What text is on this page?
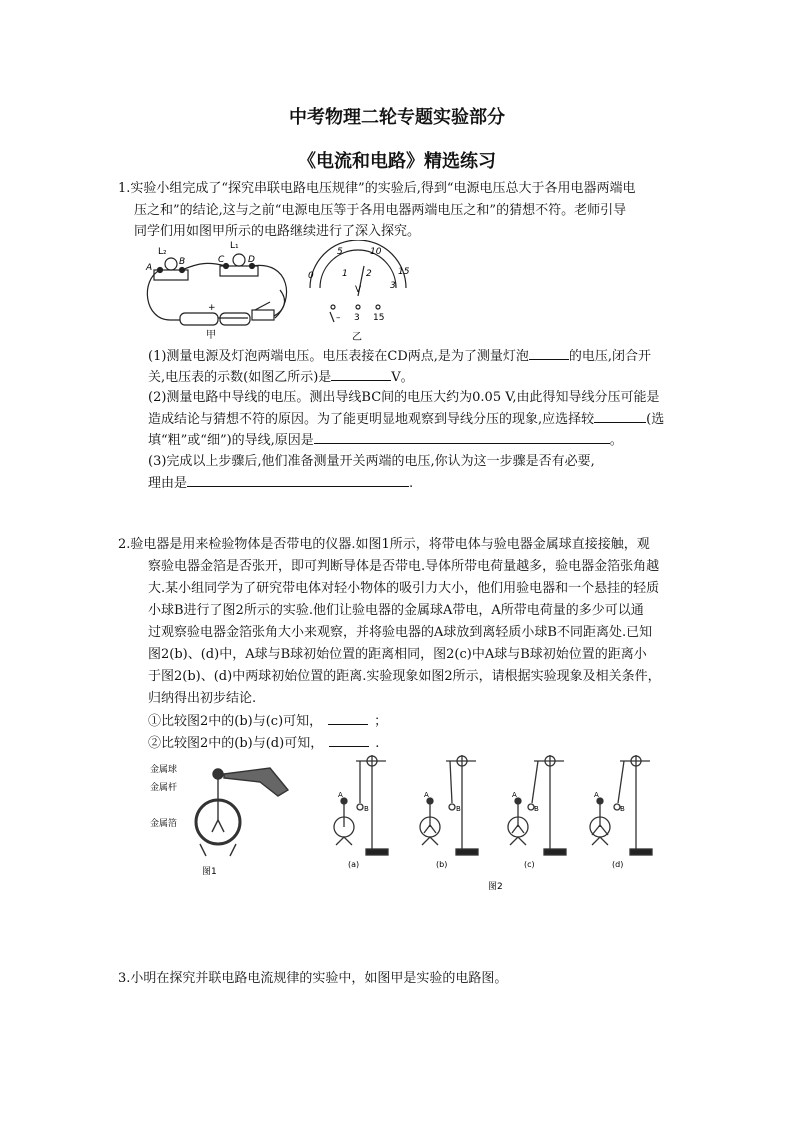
中考物理二轮专题实验部分
《电流和电路》精选练习
1.实验小组完成了“探究串联电路电压规律”的实验后,得到“电源电压总大于各用电器两端电
压之和”的结论,这与之前“电源电压等于各用电器两端电压之和”的猜想不符。老师引导
同学们用如图甲所示的电路继续进行了深入探究。
L₂
A
B
L₁
C	D
+
5	10
15
0	1 2
3
V
– 3 15
甲	乙
(1)测量电源及灯泡两端电压。电压表接在CD两点,是为了测量灯泡	的电压,闭合开
关,电压表的示数(如图乙所示)是	V。
(2)测量电路中导线的电压。测出导线BC间的电压大约为0.05 V,由此得知导线分压可能是
造成结论与猜想不符的原因。为了能更明显地观察到导线分压的现象,应选择较	(选
填“粗”或“细”)的导线,原因是	。
(3)完成以上步骤后,他们准备测量开关两端的电压,你认为这一步骤是否有必要,
理由是	.
2.验电器是用来检验物体是否带电的仪器.如图1所示，将带电体与验电器金属球直接接触，观
察验电器金箔是否张开，即可判断导体是否带电.导体所带电荷量越多，验电器金箔张角越
大.某小组同学为了研究带电体对轻小物体的吸引力大小，他们用验电器和一个悬挂的轻质
小球B进行了图2所示的实验.他们让验电器的金属球A带电，A所带电荷量的多少可以通
过观察验电器金箔张角大小来观察，并将验电器的A球放到离轻质小球B不同距离处.已知
图2(b)、(d)中，A球与B球初始位置的距离相同，图2(c)中A球与B球初始位置的距离小
于图2(b)、(d)中两球初始位置的距离.实验现象如图2所示，请根据实验现象及相关条件，
归纳得出初步结论.
①比较图2中的(b)与(c)可知，	；
②比较图2中的(b)与(d)可知，	.
金属球
金属杆
金属箔
图1
A
B
A
B
A
B
A
B
(a)	(b)	(c)	(d)
图2
3.小明在探究并联电路电流规律的实验中，如图甲是实验的电路图。
